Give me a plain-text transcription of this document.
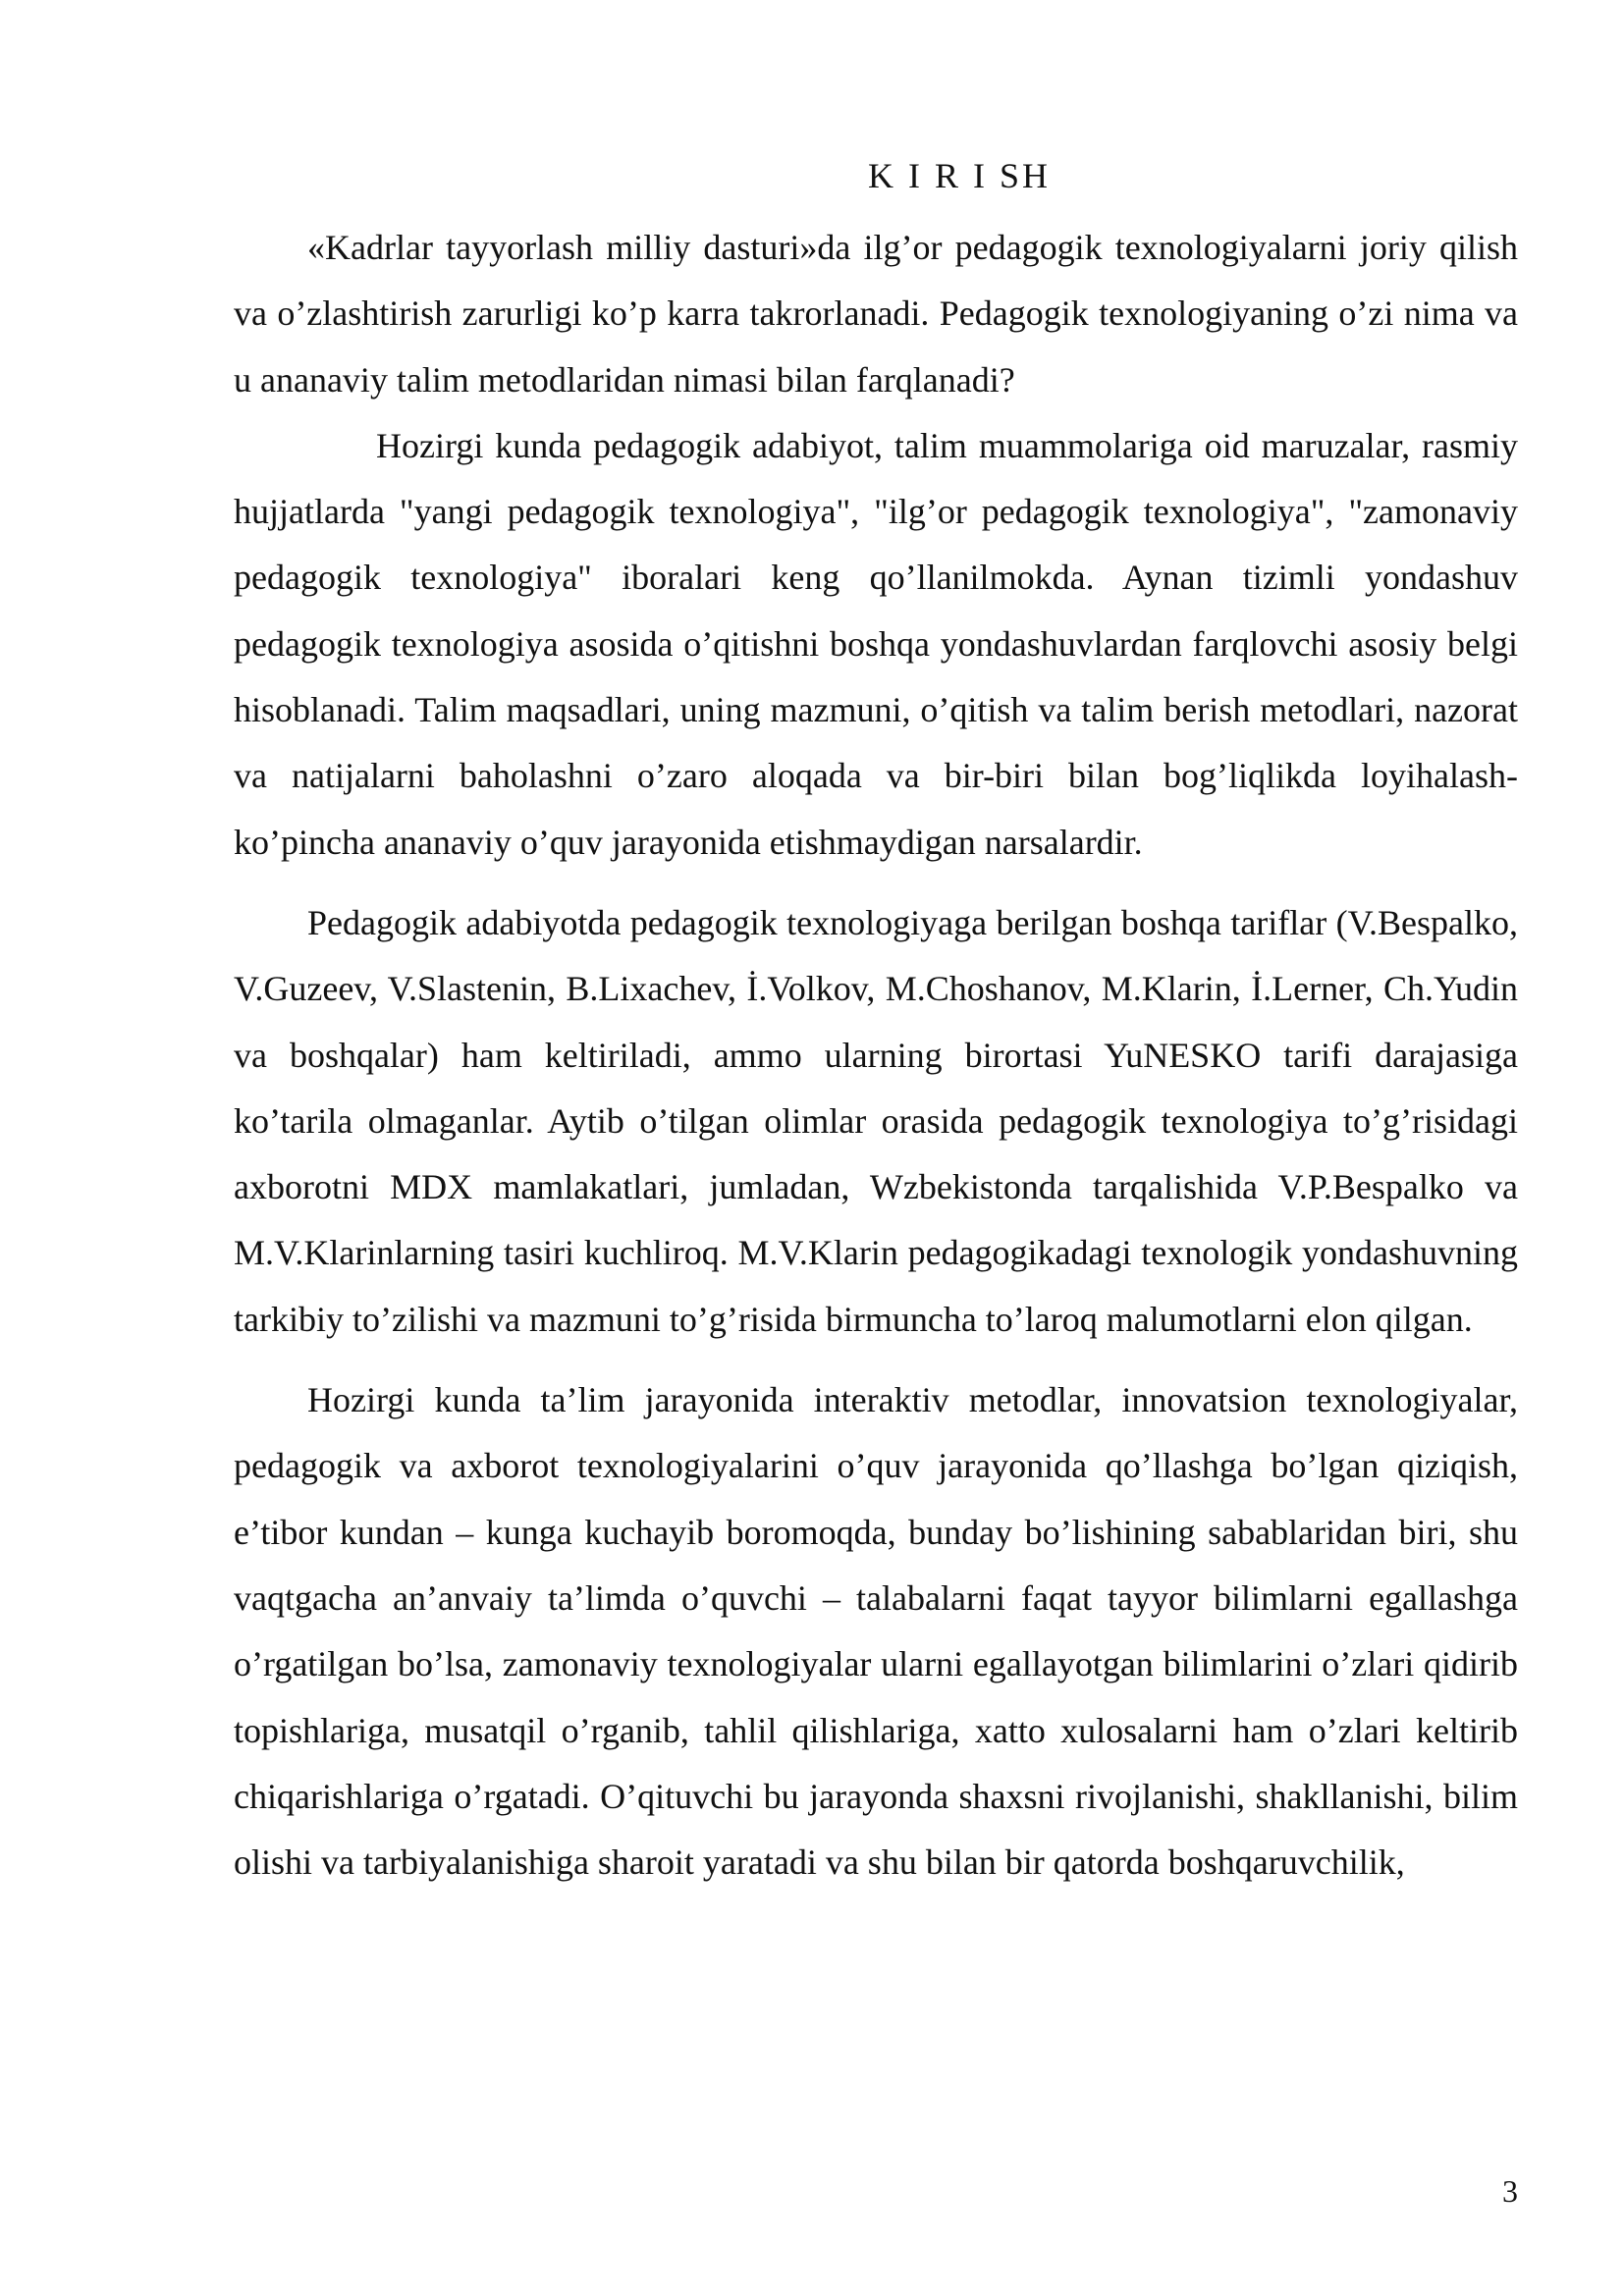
K I R I SH

«Kadrlar tayyorlash milliy dasturi»da ilg’or pedagogik texnologiyalarni joriy qilish va o’zlashtirish zarurligi ko’p karra takrorlanadi. Pedagogik texnologiyaning o’zi nima va u ananaviy talim metodlaridan nimasi bilan farqlanadi?

Hozirgi kunda pedagogik adabiyot, talim muammolariga oid maruzalar, rasmiy hujjatlarda "yangi pedagogik texnologiya", "ilg’or pedagogik texnologiya", "zamonaviy pedagogik texnologiya" iboralari keng qo’llanilmokda. Aynan tizimli yondashuv pedagogik texnologiya asosida o’qitishni boshqa yondashuvlardan farqlovchi asosiy belgi hisoblanadi. Talim maqsadlari, uning mazmuni, o’qitish va talim berish metodlari, nazorat va natijalarni baholashni o’zaro aloqada va bir-biri bilan bog’liqlikda loyihalash- ko’pincha ananaviy o’quv jarayonida etishmaydigan narsalardir.

Pedagogik adabiyotda pedagogik texnologiyaga berilgan boshqa tariflar (V.Bespalko, V.Guzeev, V.Slastenin, B.Lixachev, İ.Volkov, M.Choshanov, M.Klarin, İ.Lerner, Ch.Yudin va boshqalar) ham keltiriladi, ammo ularning birortasi YuNESKO tarifi darajasiga ko’tarila olmaganlar. Aytib o’tilgan olimlar orasida pedagogik texnologiya to’g’risidagi axborotni MDX mamlakatlari, jumladan, Wzbekistonda tarqalishida V.P.Bespalko va M.V.Klarinlarning tasiri kuchliroq. M.V.Klarin pedagogikadagi texnologik yondashuvning tarkibiy to’zilishi va mazmuni to’g’risida birmuncha to’laroq malumotlarni elon qilgan.

Hozirgi kunda ta’lim jarayonida interaktiv metodlar, innovatsion texnologiyalar, pedagogik va axborot texnologiyalarini o’quv jarayonida qo’llashga bo’lgan qiziqish, e’tibor kundan – kunga kuchayib boromoqda, bunday bo’lishining sabablaridan biri, shu vaqtgacha an’anvaiy ta’limda o’quvchi – talabalarni faqat tayyor bilimlarni egallashga o’rgatilgan bo’lsa, zamonaviy texnologiyalar ularni egallayotgan bilimlarini o’zlari qidirib topishlariga, musatqil o’rganib, tahlil qilishlariga, xatto xulosalarni ham o’zlari keltirib chiqarishlariga o’rgatadi. O’qituvchi bu jarayonda shaxsni rivojlanishi, shakllanishi, bilim olishi va tarbiyalanishiga sharoit yaratadi va shu bilan bir qatorda boshqaruvchilik,

3
